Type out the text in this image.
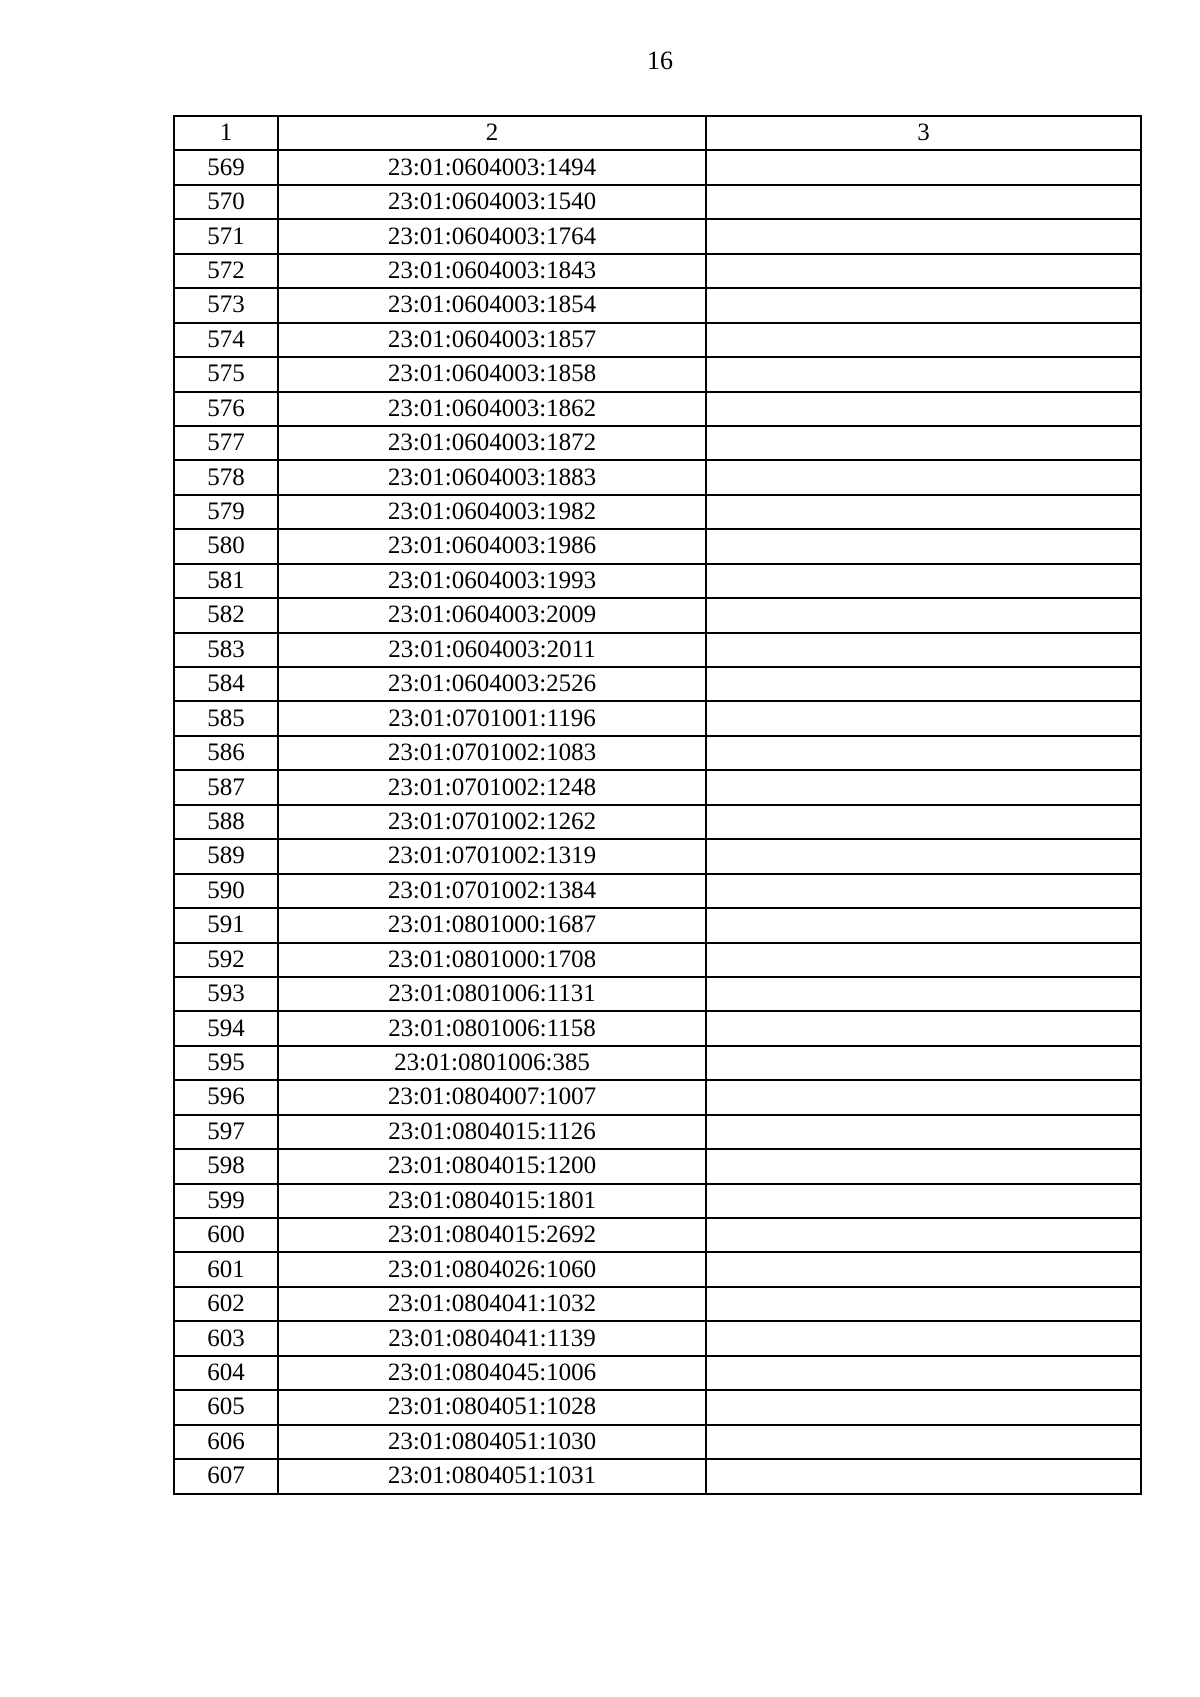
16
1	2	3
569	23:01:0604003:1494	
570	23:01:0604003:1540	
571	23:01:0604003:1764	
572	23:01:0604003:1843	
573	23:01:0604003:1854	
574	23:01:0604003:1857	
575	23:01:0604003:1858	
576	23:01:0604003:1862	
577	23:01:0604003:1872	
578	23:01:0604003:1883	
579	23:01:0604003:1982	
580	23:01:0604003:1986	
581	23:01:0604003:1993	
582	23:01:0604003:2009	
583	23:01:0604003:2011	
584	23:01:0604003:2526	
585	23:01:0701001:1196	
586	23:01:0701002:1083	
587	23:01:0701002:1248	
588	23:01:0701002:1262	
589	23:01:0701002:1319	
590	23:01:0701002:1384	
591	23:01:0801000:1687	
592	23:01:0801000:1708	
593	23:01:0801006:1131	
594	23:01:0801006:1158	
595	23:01:0801006:385	
596	23:01:0804007:1007	
597	23:01:0804015:1126	
598	23:01:0804015:1200	
599	23:01:0804015:1801	
600	23:01:0804015:2692	
601	23:01:0804026:1060	
602	23:01:0804041:1032	
603	23:01:0804041:1139	
604	23:01:0804045:1006	
605	23:01:0804051:1028	
606	23:01:0804051:1030	
607	23:01:0804051:1031	
